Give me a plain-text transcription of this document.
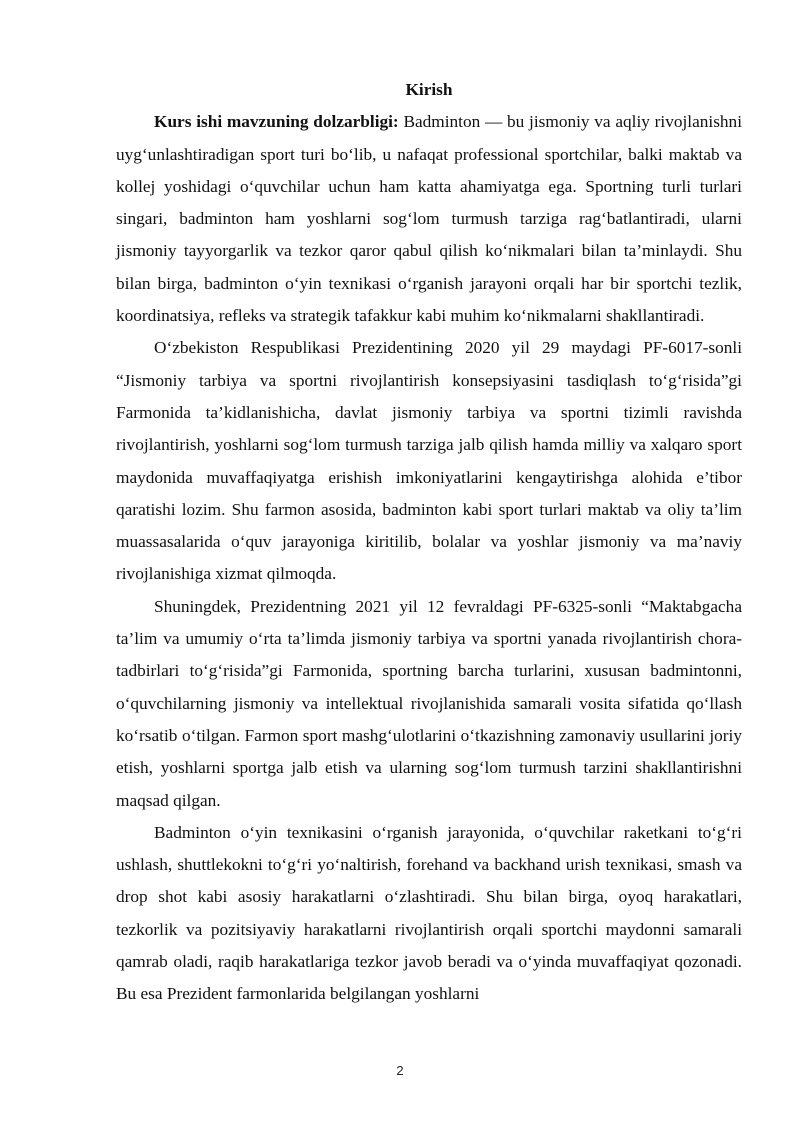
Kirish

Kurs ishi mavzuning dolzarbligi: Badminton — bu jismoniy va aqliy rivojlanishni uyg‘unlashtiradigan sport turi bo‘lib, u nafaqat professional sportchilar, balki maktab va kollej yoshidagi o‘quvchilar uchun ham katta ahamiyatga ega. Sportning turli turlari singari, badminton ham yoshlarni sog‘lom turmush tarziga rag‘batlantiradi, ularni jismoniy tayyorgarlik va tezkor qaror qabul qilish ko‘nikmalari bilan ta’minlaydi. Shu bilan birga, badminton o‘yin texnikasi o‘rganish jarayoni orqali har bir sportchi tezlik, koordinatsiya, refleks va strategik tafakkur kabi muhim ko‘nikmalarni shakllantiradi.

O‘zbekiston Respublikasi Prezidentining 2020 yil 29 maydagi PF-6017-sonli “Jismoniy tarbiya va sportni rivojlantirish konsepsiyasini tasdiqlash to‘g‘risida”gi Farmonida ta’kidlanishicha, davlat jismoniy tarbiya va sportni tizimli ravishda rivojlantirish, yoshlarni sog‘lom turmush tarziga jalb qilish hamda milliy va xalqaro sport maydonida muvaffaqiyatga erishish imkoniyatlarini kengaytirishga alohida e’tibor qaratishi lozim. Shu farmon asosida, badminton kabi sport turlari maktab va oliy ta’lim muassasalarida o‘quv jarayoniga kiritilib, bolalar va yoshlar jismoniy va ma’naviy rivojlanishiga xizmat qilmoqda.

Shuningdek, Prezidentning 2021 yil 12 fevraldagi PF-6325-sonli “Maktabgacha ta’lim va umumiy o‘rta ta’limda jismoniy tarbiya va sportni yanada rivojlantirish chora-tadbirlari to‘g‘risida”gi Farmonida, sportning barcha turlarini, xususan badmintonni, o‘quvchilarning jismoniy va intellektual rivojlanishida samarali vosita sifatida qo‘llash ko‘rsatib o‘tilgan. Farmon sport mashg‘ulotlarini o‘tkazishning zamonaviy usullarini joriy etish, yoshlarni sportga jalb etish va ularning sog‘lom turmush tarzini shakllantirishni maqsad qilgan.

Badminton o‘yin texnikasini o‘rganish jarayonida, o‘quvchilar raketkani to‘g‘ri ushlash, shuttlekokni to‘g‘ri yo‘naltirish, forehand va backhand urish texnikasi, smash va drop shot kabi asosiy harakatlarni o‘zlashtiradi. Shu bilan birga, oyoq harakatlari, tezkorlik va pozitsiyaviy harakatlarni rivojlantirish orqali sportchi maydonni samarali qamrab oladi, raqib harakatlariga tezkor javob beradi va o‘yinda muvaffaqiyat qozonadi. Bu esa Prezident farmonlarida belgilangan yoshlarni

2
